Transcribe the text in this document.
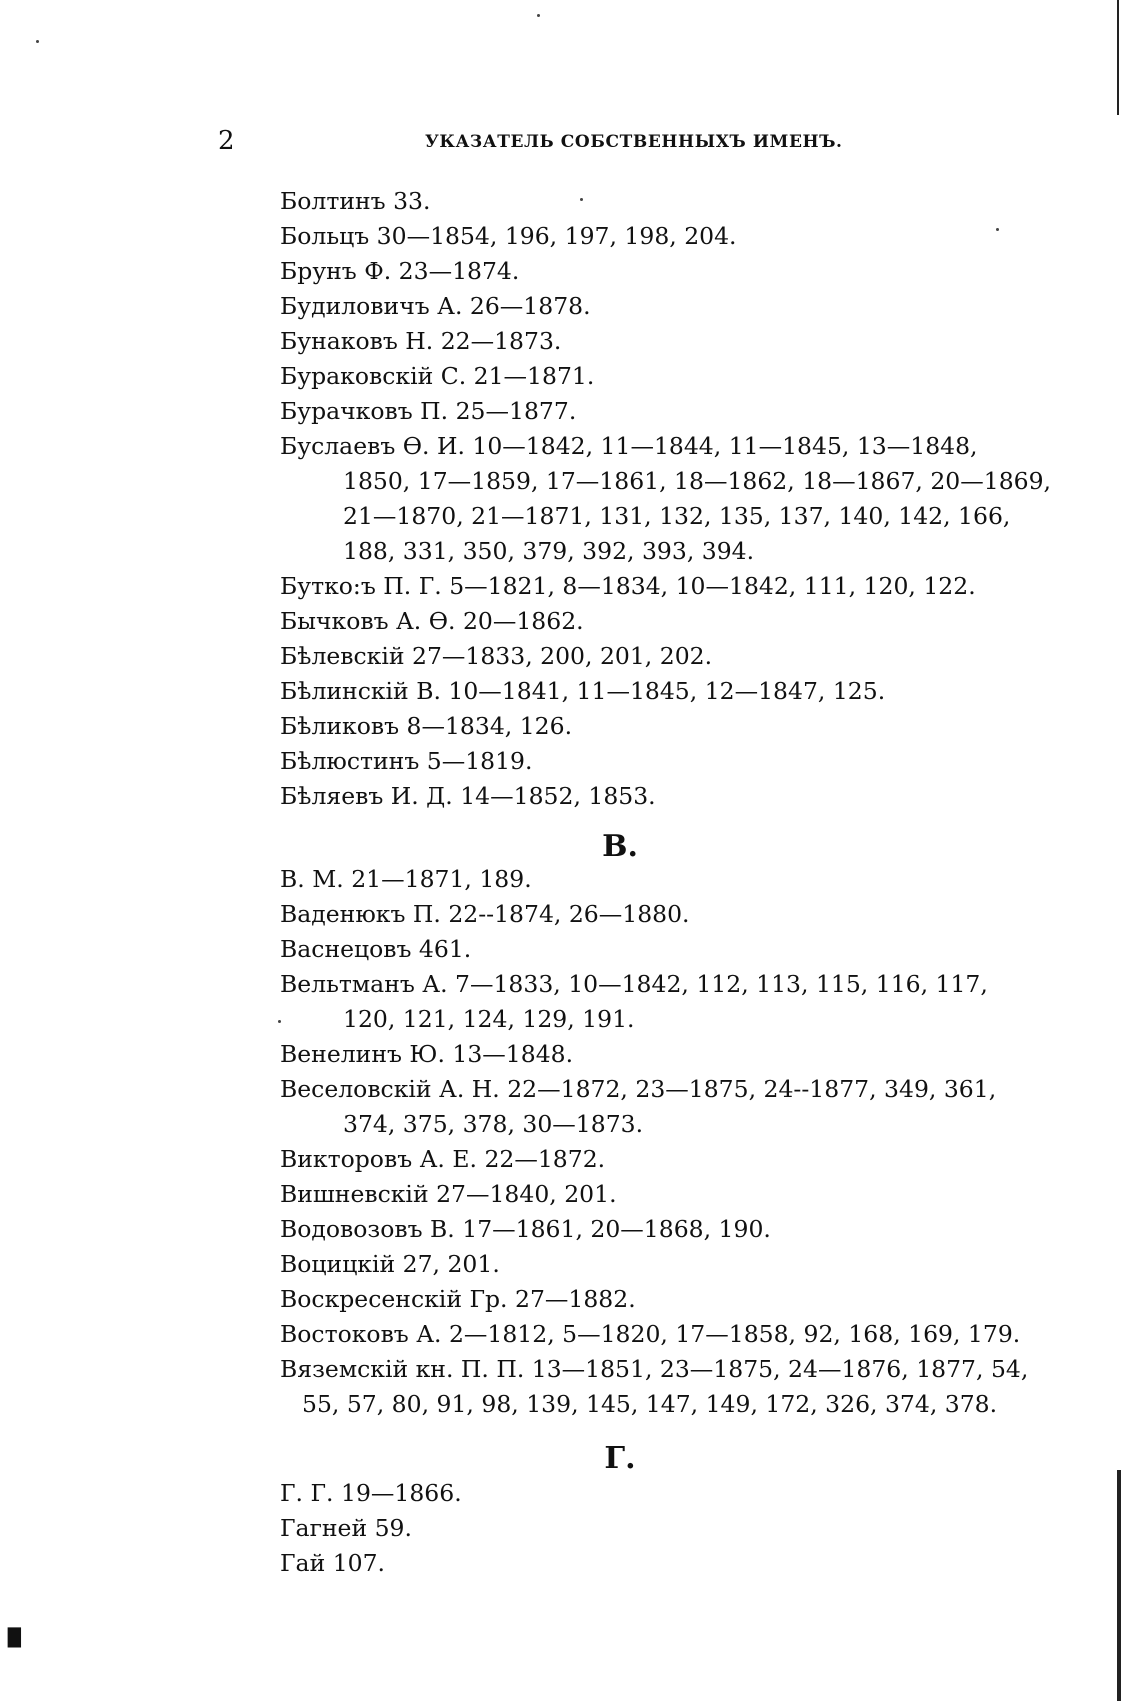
2	УКАЗАТЕЛЬ СОБСТВЕННЫХЪ ИМЕНЪ.

Болтинъ 33.

Больцъ 30—1854, 196, 197, 198, 204.

Брунъ Ф. 23—1874.

Будиловичъ А. 26—1878.

Бунаковъ Н. 22—1873.

Бураковскій С. 21—1871.

Бурачковъ П. 25—1877.

Буслаевъ Ѳ. И. 10—1842, 11—1844, 11—1845, 13—1848,
1850, 17—1859, 17—1861, 18—1862, 18—1867, 20—1869,
21—1870, 21—1871, 131, 132, 135, 137, 140, 142, 166,
188, 331, 350, 379, 392, 393, 394.

Бутко:ъ П. Г. 5—1821, 8—1834, 10—1842, 111, 120, 122.

Бычковъ А. Ѳ. 20—1862.

Бѣлевскій 27—1833, 200, 201, 202.

Бѣлинскій В. 10—1841, 11—1845, 12—1847, 125.

Бѣликовъ 8—1834, 126.

Бѣлюстинъ 5—1819.

Бѣляевъ И. Д. 14—1852, 1853.

В.

В. М. 21—1871, 189.

Ваденюкъ П. 22--1874, 26—1880.

Васнецовъ 461.

Вельтманъ А. 7—1833, 10—1842, 112, 113, 115, 116, 117,
120, 121, 124, 129, 191.

Венелинъ Ю. 13—1848.

Веселовскій А. Н. 22—1872, 23—1875, 24--1877, 349, 361,
374, 375, 378, 30—1873.

Викторовъ А. Е. 22—1872.

Вишневскій 27—1840, 201.

Водовозовъ В. 17—1861, 20—1868, 190.

Воцицкій 27, 201.

Воскресенскій Гр. 27—1882.

Востоковъ А. 2—1812, 5—1820, 17—1858, 92, 168, 169, 179.

Вяземскій кн. П. П. 13—1851, 23—1875, 24—1876, 1877, 54,
55, 57, 80, 91, 98, 139, 145, 147, 149, 172, 326, 374, 378.

Г.

Г. Г. 19—1866.

Гагней 59.

Гай 107.

▖
